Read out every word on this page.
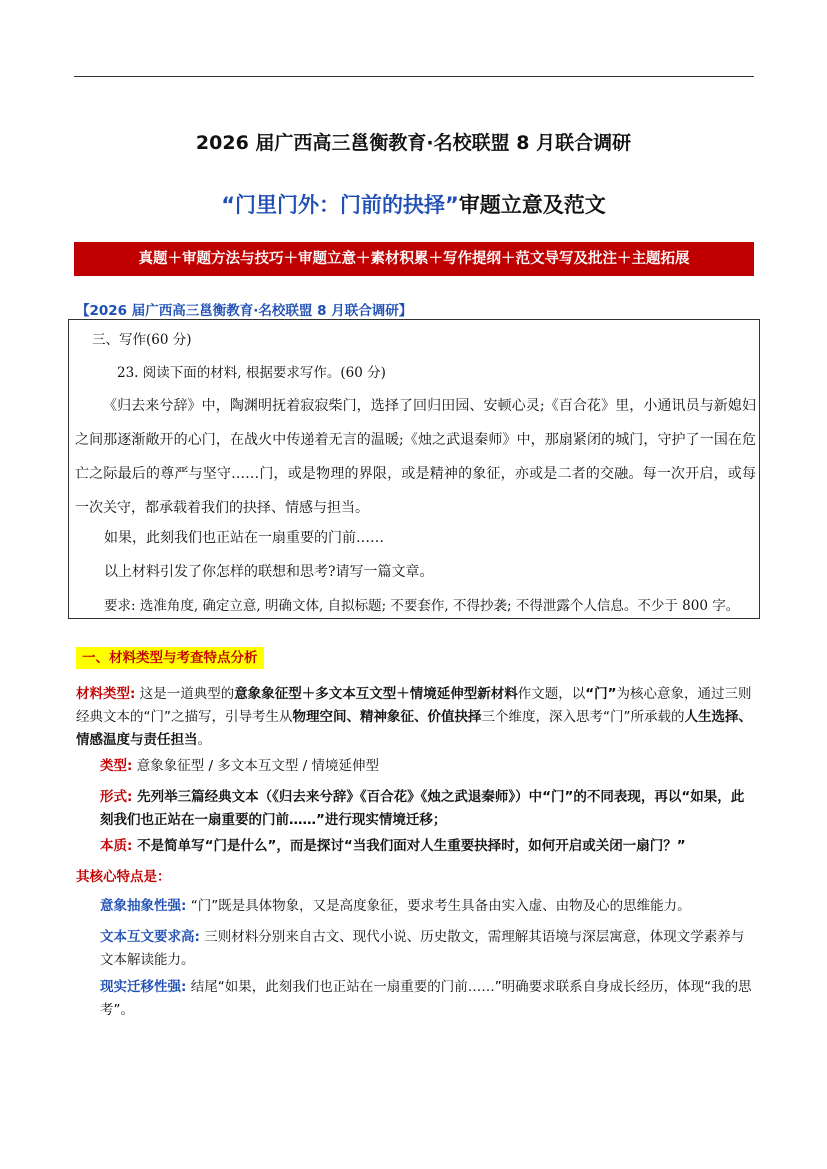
2026 届广西高三邕衡教育·名校联盟 8 月联合调研
“门里门外：门前的抉择”审题立意及范文
真题＋审题方法与技巧＋审题立意＋素材积累＋写作提纲＋范文导写及批注＋主题拓展
【2026 届广西高三邕衡教育·名校联盟 8 月联合调研】
三、写作(60 分)
23. 阅读下面的材料, 根据要求写作。(60 分)
《归去来兮辞》中，陶渊明抚着寂寂柴门，选择了回归田园、安顿心灵;《百合花》里，小通讯员与新媳妇之间那逐渐敞开的心门，在战火中传递着无言的温暖;《烛之武退秦师》中，那扇紧闭的城门，守护了一国在危亡之际最后的尊严与坚守……门，或是物理的界限，或是精神的象征，亦或是二者的交融。每一次开启，或每一次关守，都承载着我们的抉择、情感与担当。
如果，此刻我们也正站在一扇重要的门前……
以上材料引发了你怎样的联想和思考?请写一篇文章。
要求: 选准角度, 确定立意, 明确文体, 自拟标题; 不要套作, 不得抄袭; 不得泄露个人信息。不少于 800 字。
一、材料类型与考查特点分析
材料类型: 这是一道典型的意象象征型＋多文本互文型＋情境延伸型新材料作文题，以“门”为核心意象，通过三则经典文本的“门”之描写，引导考生从物理空间、精神象征、价值抉择三个维度，深入思考“门”所承载的人生选择、情感温度与责任担当。
类型: 意象象征型 / 多文本互文型 / 情境延伸型
形式: 先列举三篇经典文本（《归去来兮辞》《百合花》《烛之武退秦师》）中“门”的不同表现，再以“如果，此刻我们也正站在一扇重要的门前……”进行现实情境迁移；
本质: 不是简单写“门是什么”，而是探讨“当我们面对人生重要抉择时，如何开启或关闭一扇门？”
其核心特点是：
意象抽象性强: “门”既是具体物象，又是高度象征，要求考生具备由实入虚、由物及心的思维能力。
文本互文要求高: 三则材料分别来自古文、现代小说、历史散文，需理解其语境与深层寓意，体现文学素养与文本解读能力。
现实迁移性强: 结尾“如果，此刻我们也正站在一扇重要的门前……”明确要求联系自身成长经历，体现“我的思考”。
